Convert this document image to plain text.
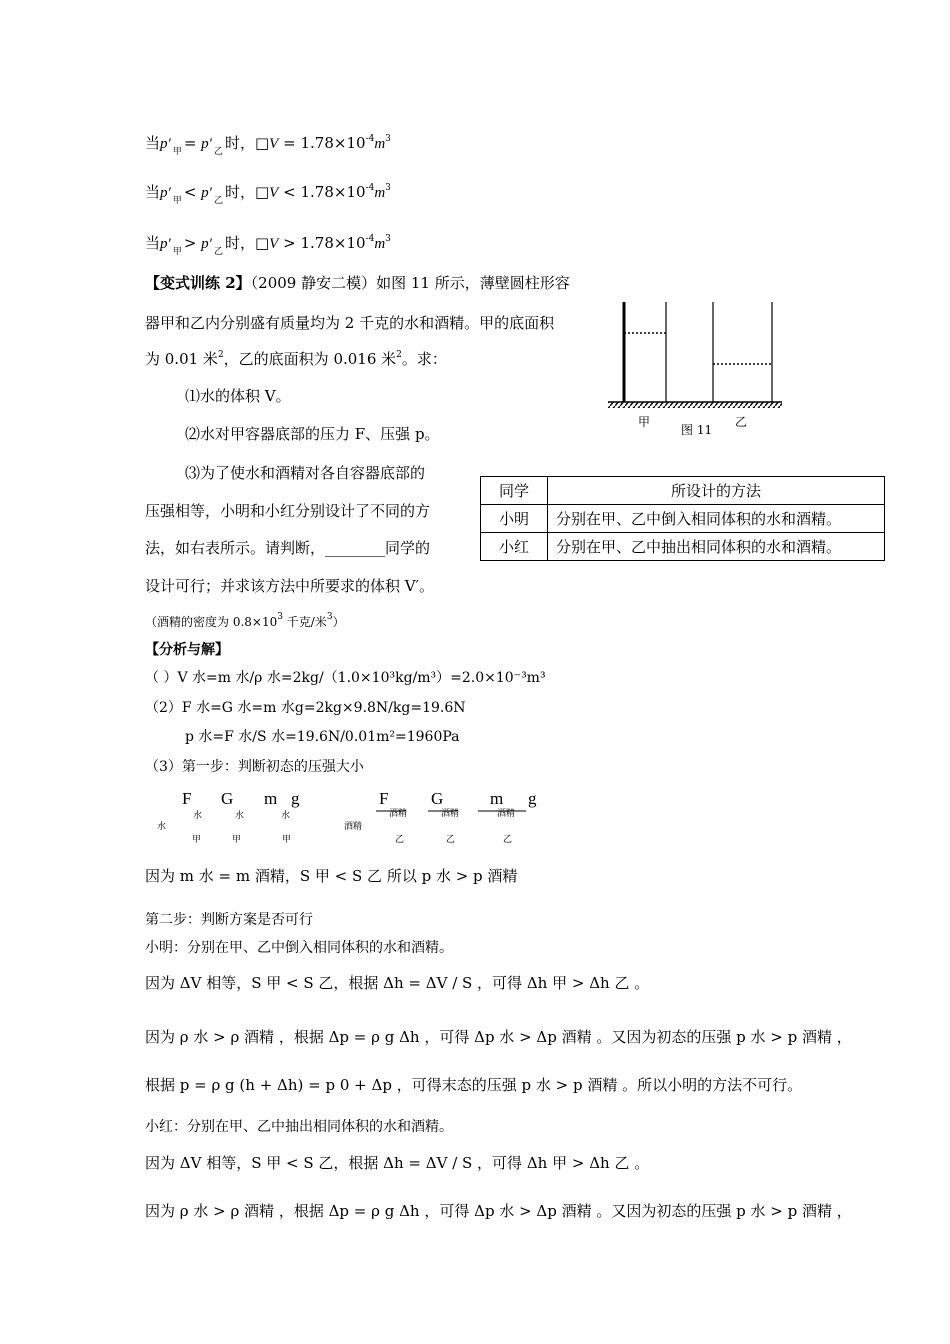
当p′ $_甲$ = p′ $_乙$ 时，□V = $1.78\times 10^{-4}m^3$
当p′ $_甲$ < p′ $_乙$ 时，□V < $1.78\times 10^{-4}m^3$
当p′ $_甲$ > p′ $_乙$ 时，□V > $1.78\times 10^{-4}m^3$
【变式训练 2】（2009 静安二模）如图 11 所示，薄壁圆柱形容
器甲和乙内分别盛有质量均为 2 千克的水和酒精。甲的底面积
为 0.01 米$^2$，乙的底面积为 0.016 米$^2$。求：
⑴水的体积 V。
⑵水对甲容器底部的压力 F、压强 p。
⑶为了使水和酒精对各自容器底部的
压强相等，小明和小红分别设计了不同的方
法，如右表所示。请判断，________同学的
设计可行；并求该方法中所要求的体积 V′。
（酒精的密度为 $0.8\times 10^3$ 千克/米$^3$）
甲
图 11
乙
同学	所设计的方法
小明	分别在甲、乙中倒入相同体积的水和酒精。
小红	分别在甲、乙中抽出相同体积的水和酒精。
【分析与解】
（ ）V 水=m 水/ρ 水=2kg/（1.0×10³kg/m³）=2.0×10⁻³m³
（2）F 水=G 水=m 水g=2kg×9.8N/kg=19.6N
p 水=F 水/S 水=19.6N/0.01m²=1960Pa
（3）第一步：判断初态的压强大小
F G m g
水	水	水
水
甲	甲	甲
F	G	m g
酒精	酒精	酒精
酒精
乙	乙	乙
因为 m 水 = m 酒精，S 甲 < S 乙 所以 p 水 > p 酒精
第二步：判断方案是否可行
小明：分别在甲、乙中倒入相同体积的水和酒精。
因为 ΔV 相等，S 甲 < S 乙，根据 Δh = ΔV / S ，可得 Δh 甲 > Δh 乙 。
因为 ρ 水 > ρ 酒精 ，根据 Δp = ρ g Δh ，可得 Δp 水 > Δp 酒精 。又因为初态的压强 p 水 > p 酒精 ，
根据 p = ρ g (h + Δh) = p 0 + Δp ，可得末态的压强 p 水 > p 酒精 。所以小明的方法不可行。
小红：分别在甲、乙中抽出相同体积的水和酒精。
因为 ΔV 相等，S 甲 < S 乙，根据 Δh = ΔV / S ，可得 Δh 甲 > Δh 乙 。
因为 ρ 水 > ρ 酒精 ，根据 Δp = ρ g Δh ，可得 Δp 水 > Δp 酒精 。又因为初态的压强 p 水 > p 酒精 ，
